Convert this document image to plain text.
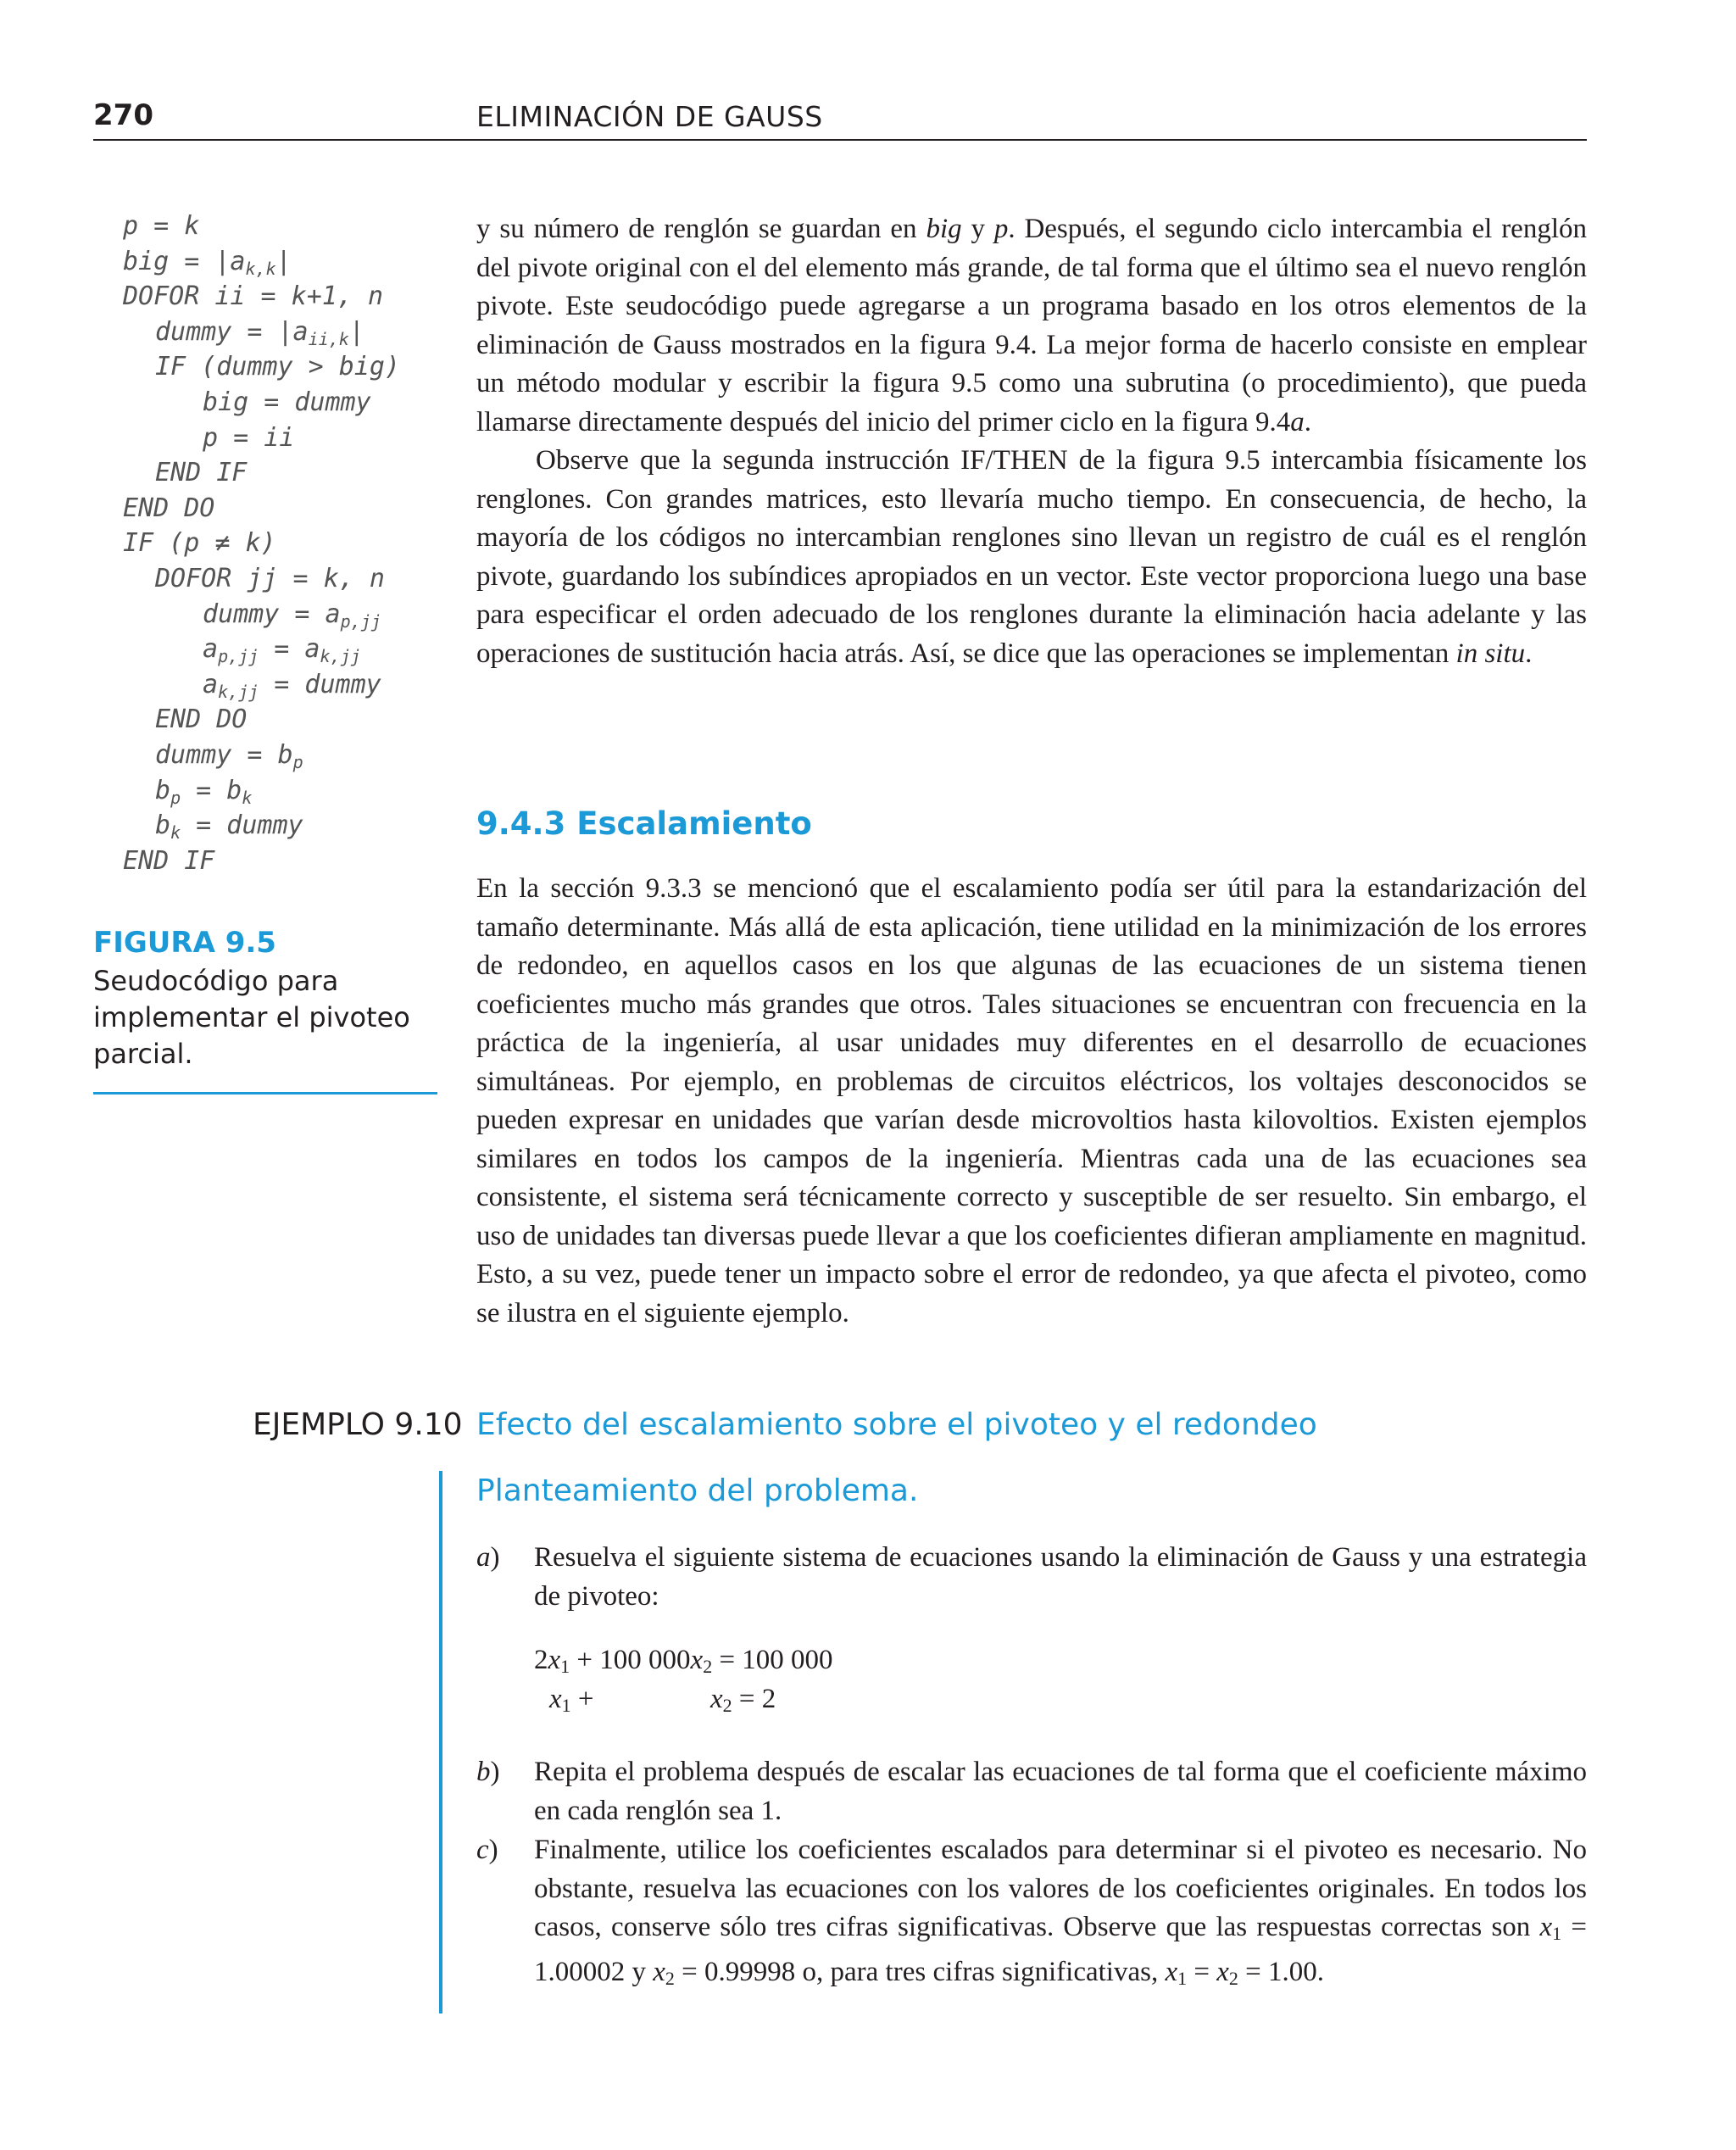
270	ELIMINACIÓN DE GAUSS
p = k
big = $|a_{k,k}|$
DOFOR ii = k+1, n
dummy = $|a_{ii,k}|$
IF (dummy > big)
big = dummy
p = ii
END IF
END DO
IF (p ≠ k)
DOFOR jj = k, n
dummy = $a_{p,jj}$
$a_{p,jj} = a_{k,jj}$
$a_{k,jj}$ = dummy
END DO
dummy = $b_p$
$b_p = b_k$
$b_k$ = dummy
END IF
FIGURA 9.5
Seudocódigo para implementar el pivoteo parcial.

y su número de renglón se guardan en big y p. Después, el segundo ciclo intercambia el renglón del pivote original con el del elemento más grande, de tal forma que el último sea el nuevo renglón pivote. Este seudocódigo puede agregarse a un programa basado en los otros elementos de la eliminación de Gauss mostrados en la figura 9.4. La mejor forma de hacerlo consiste en emplear un método modular y escribir la figura 9.5 como una subrutina (o procedimiento), que pueda llamarse directamente después del inicio del primer ciclo en la figura 9.4a.

Observe que la segunda instrucción IF/THEN de la figura 9.5 intercambia físicamente los renglones. Con grandes matrices, esto llevaría mucho tiempo. En consecuencia, de hecho, la mayoría de los códigos no intercambian renglones sino llevan un registro de cuál es el renglón pivote, guardando los subíndices apropiados en un vector. Este vector proporciona luego una base para especificar el orden adecuado de los renglones durante la eliminación hacia adelante y las operaciones de sustitución hacia atrás. Así, se dice que las operaciones se implementan in situ.

9.4.3 Escalamiento

En la sección 9.3.3 se mencionó que el escalamiento podía ser útil para la estandarización del tamaño determinante. Más allá de esta aplicación, tiene utilidad en la minimización de los errores de redondeo, en aquellos casos en los que algunas de las ecuaciones de un sistema tienen coeficientes mucho más grandes que otros. Tales situaciones se encuentran con frecuencia en la práctica de la ingeniería, al usar unidades muy diferentes en el desarrollo de ecuaciones simultáneas. Por ejemplo, en problemas de circuitos eléctricos, los voltajes desconocidos se pueden expresar en unidades que varían desde microvoltios hasta kilovoltios. Existen ejemplos similares en todos los campos de la ingeniería. Mientras cada una de las ecuaciones sea consistente, el sistema será técnicamente correcto y susceptible de ser resuelto. Sin embargo, el uso de unidades tan diversas puede llevar a que los coeficientes difieran ampliamente en magnitud. Esto, a su vez, puede tener un impacto sobre el error de redondeo, ya que afecta el pivoteo, como se ilustra en el siguiente ejemplo.

EJEMPLO 9.10 Efecto del escalamiento sobre el pivoteo y el redondeo
Planteamiento del problema.
a) Resuelva el siguiente sistema de ecuaciones usando la eliminación de Gauss y una estrategia de pivoteo:
$2x_1 + 100$ $000x_2 = 100$ 000
$x_1$ +	$x_2 = 2$
b) Repita el problema después de escalar las ecuaciones de tal forma que el coeficiente máximo en cada renglón sea 1.
c) Finalmente, utilice los coeficientes escalados para determinar si el pivoteo es necesario. No obstante, resuelva las ecuaciones con los valores de los coeficientes originales. En todos los casos, conserve sólo tres cifras significativas. Observe que las respuestas correctas son $x_1 = 1.00002$ y $x_2 = 0.99998$ o, para tres cifras significativas, $x_1 = x_2 = 1.00$.
